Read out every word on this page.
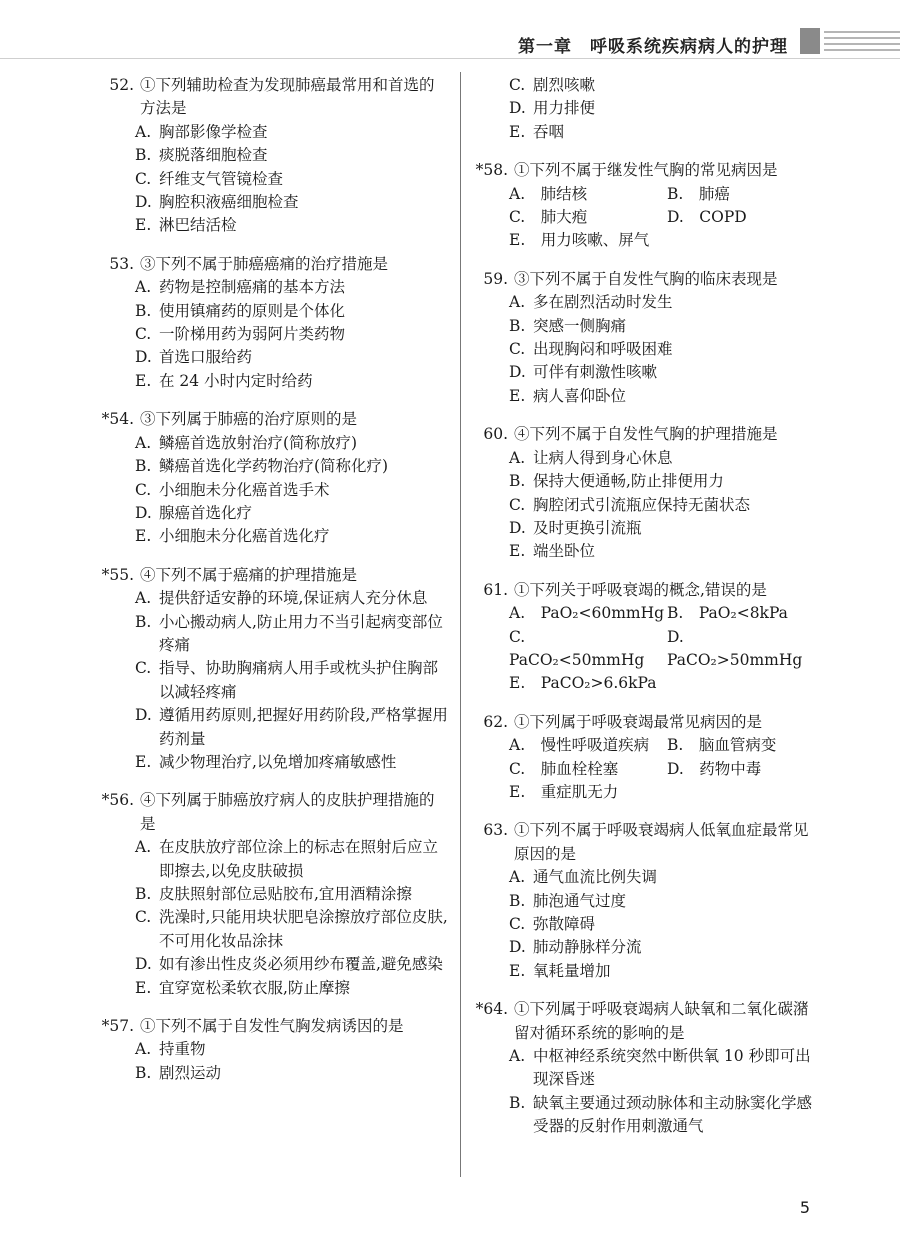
第一章　呼吸系统疾病病人的护理
52. ①下列辅助检查为发现肺癌最常用和首选的方法是
A. 胸部影像学检查
B. 痰脱落细胞检查
C. 纤维支气管镜检查
D. 胸腔积液癌细胞检查
E. 淋巴结活检
53. ③下列不属于肺癌癌痛的治疗措施是
A. 药物是控制癌痛的基本方法
B. 使用镇痛药的原则是个体化
C. 一阶梯用药为弱阿片类药物
D. 首选口服给药
E. 在 24 小时内定时给药
*54. ③下列属于肺癌的治疗原则的是
A. 鳞癌首选放射治疗(简称放疗)
B. 鳞癌首选化学药物治疗(简称化疗)
C. 小细胞未分化癌首选手术
D. 腺癌首选化疗
E. 小细胞未分化癌首选化疗
*55. ④下列不属于癌痛的护理措施是
A. 提供舒适安静的环境,保证病人充分休息
B. 小心搬动病人,防止用力不当引起病变部位疼痛
C. 指导、协助胸痛病人用手或枕头护住胸部以减轻疼痛
D. 遵循用药原则,把握好用药阶段,严格掌握用药剂量
E. 减少物理治疗,以免增加疼痛敏感性
*56. ④下列属于肺癌放疗病人的皮肤护理措施的是
A. 在皮肤放疗部位涂上的标志在照射后应立即擦去,以免皮肤破损
B. 皮肤照射部位忌贴胶布,宜用酒精涂擦
C. 洗澡时,只能用块状肥皂涂擦放疗部位皮肤,不可用化妆品涂抹
D. 如有渗出性皮炎必须用纱布覆盖,避免感染
E. 宜穿宽松柔软衣服,防止摩擦
*57. ①下列不属于自发性气胸发病诱因的是
A. 持重物
B. 剧烈运动
C. 剧烈咳嗽
D. 用力排便
E. 吞咽
*58. ①下列不属于继发性气胸的常见病因是
A.　肺结核	B.　肺癌
C.　肺大疱	D.　COPD
E.　用力咳嗽、屏气
59. ③下列不属于自发性气胸的临床表现是
A. 多在剧烈活动时发生
B. 突感一侧胸痛
C. 出现胸闷和呼吸困难
D. 可伴有刺激性咳嗽
E. 病人喜仰卧位
60. ④下列不属于自发性气胸的护理措施是
A. 让病人得到身心休息
B. 保持大便通畅,防止排便用力
C. 胸腔闭式引流瓶应保持无菌状态
D. 及时更换引流瓶
E. 端坐卧位
61. ①下列关于呼吸衰竭的概念,错误的是
A.　PaO₂<60mmHg B.　PaO₂<8kPa
C.　PaCO₂<50mmHg
D.　PaCO₂>50mmHg
E.　PaCO₂>6.6kPa
62. ①下列属于呼吸衰竭最常见病因的是
A.　慢性呼吸道疾病	B.　脑血管病变
C.　肺血栓栓塞	D.　药物中毒
E.　重症肌无力
63. ①下列不属于呼吸衰竭病人低氧血症最常见原因的是
A. 通气血流比例失调
B. 肺泡通气过度
C. 弥散障碍
D. 肺动静脉样分流
E. 氧耗量增加
*64. ①下列属于呼吸衰竭病人缺氧和二氧化碳潴留对循环系统的影响的是
A. 中枢神经系统突然中断供氧 10 秒即可出现深昏迷
B. 缺氧主要通过颈动脉体和主动脉窦化学感受器的反射作用刺激通气
5
